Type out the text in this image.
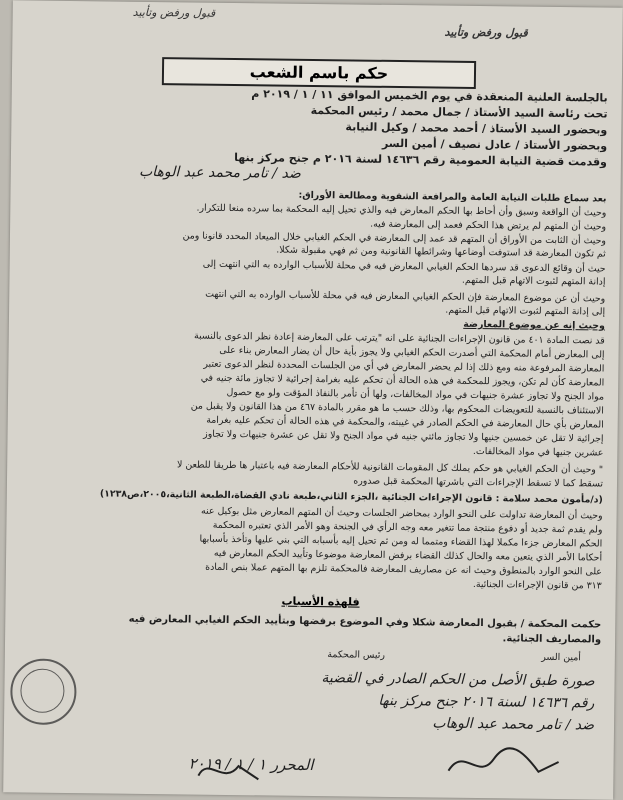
قبول ورفض وتأييد
قبول ورفض وتأييد
حكم باسم الشعب
بالجلسة العلنية المنعقدة في يوم الخميس الموافق ١١ / ١ / ٢٠١٩ م
تحت رئاسة السيد الأستاذ / جمال محمد / رئيس المحكمة
وبحضور السيد الأستاذ / أحمد محمد / وكيل النيابة
وبحضور الأستاذ / عادل نصيف / أمين السر
وقدمت قضية النيابة العمومية رقم ١٤٦٣٦ لسنة ٢٠١٦ م جنح مركز بنها
ضد / تامر محمد عبد الوهاب
بعد سماع طلبات النيابة العامة والمرافعة الشفوية ومطالعة الأوراق:
وحيث أن الواقعة وسبق وأن أحاط بها الحكم المعارض فيه والذي تحيل إليه المحكمة بما سرده منعا للتكرار.
وحيث أن المتهم لم يرتض هذا الحكم فعمد إلى المعارضة فيه.
وحيث أن الثابت من الأوراق أن المتهم قد عمد إلى المعارضة في الحكم الغيابي خلال الميعاد المحدد قانونا ومن
ثم تكون المعارضة قد استوفت أوضاعها وشرائطها القانونية ومن ثم فهي مقبولة شكلا.
حيث أن وقائع الدعوى قد سردها الحكم الغيابي المعارض فيه في محلة للأسباب الوارده به التي انتهت إلى
إدانة المتهم لثبوت الاتهام قبل المتهم.
وحيث أن عن موضوع المعارضة فإن الحكم الغيابي المعارض فيه في محلة للأسباب الوارده به التي انتهت
إلى إدانة المتهم لثبوت الاتهام قبل المتهم.
وحيث إنه عن موضوع المعارضة
قد نصت المادة ٤٠١ من قانون الإجراءات الجنائية على انه "يترتب على المعارضة إعادة نظر الدعوى بالنسبة
إلى المعارض أمام المحكمة التي أصدرت الحكم الغيابي ولا يجوز بأية حال أن يضار المعارض بناء على
المعارضة المرفوعة منه ومع ذلك إذا لم يحضر المعارض في أي من الجلسات المحددة لنظر الدعوى تعتبر
المعارضة كأن لم تكن، ويجوز للمحكمة في هذه الحالة أن تحكم عليه بغرامة إجرائية لا تجاوز مائة جنيه في
مواد الجنح ولا تجاوز عشرة جنيهات في مواد المخالفات، ولها أن تأمر بالنفاذ المؤقت ولو مع حصول
الاستئناف بالنسبة للتعويضات المحكوم بها، وذلك حسب ما هو مقرر بالمادة ٤٦٧ من هذا القانون ولا يقبل من
المعارض بأي حال المعارضة في الحكم الصادر في غيبته، والمحكمة في هذه الحالة أن تحكم عليه بغرامة
إجرائية لا تقل عن خمسين جنيها ولا تجاوز مائتي جنيه في مواد الجنح ولا تقل عن عشرة جنيهات ولا تجاوز
عشرين جنيها في مواد المخالفات.
" وحيث أن الحكم الغيابي هو حكم يملك كل المقومات القانونية للأحكام المعارضة فيه باعتبار ها طريقا للطعن لا
تسقط كما لا تسقط الإجراءات التي باشرتها المحكمة قبل صدوره
(د/مأمون محمد سلامة : قانون الإجراءات الجنائية ،الجزء الثاني،طبعة نادي القضاة،الطبعة الثانية،٢٠٠٥،ص١٢٣٨)
وحيث أن المعارضة تداولت على النحو الوارد بمحاضر الجلسات وحيث أن المتهم المعارض مثل بوكيل عنه
ولم يقدم ثمة جديد أو دفوع منتجة مما تتغير معه وجه الرأي في الجنحة وهو الأمر الذي تعتبره المحكمة
الحكم المعارض جزءا مكملا لهذا القضاء ومتمما له ومن ثم تحيل إليه بأسبابه التي بني عليها وتأخذ بأسبابها
أحكاما الأمر الذي يتعين معه والحال كذلك القضاء برفض المعارضة موضوعا وتأييد الحكم المعارض فيه
على النحو الوارد بالمنطوق وحيث انه عن مصاريف المعارضة فالمحكمة تلزم بها المتهم عملا بنص المادة
٣١٣ من قانون الإجراءات الجنائية.
فلهذه الأسباب
حكمت المحكمة / بقبول المعارضة شكلا وفي الموضوع برفضها وبتأييد الحكم الغيابي المعارض فيه
والمصاريف الجنائية.
أمين السر
رئيس المحكمة
صورة طبق الأصل من الحكم الصادر في القضية
رقم ١٤٦٣٦ لسنة ٢٠١٦ جنح مركز بنها
ضد / تامر محمد عبد الوهاب
المحرر ١ / ١ / ٢٠١٩
